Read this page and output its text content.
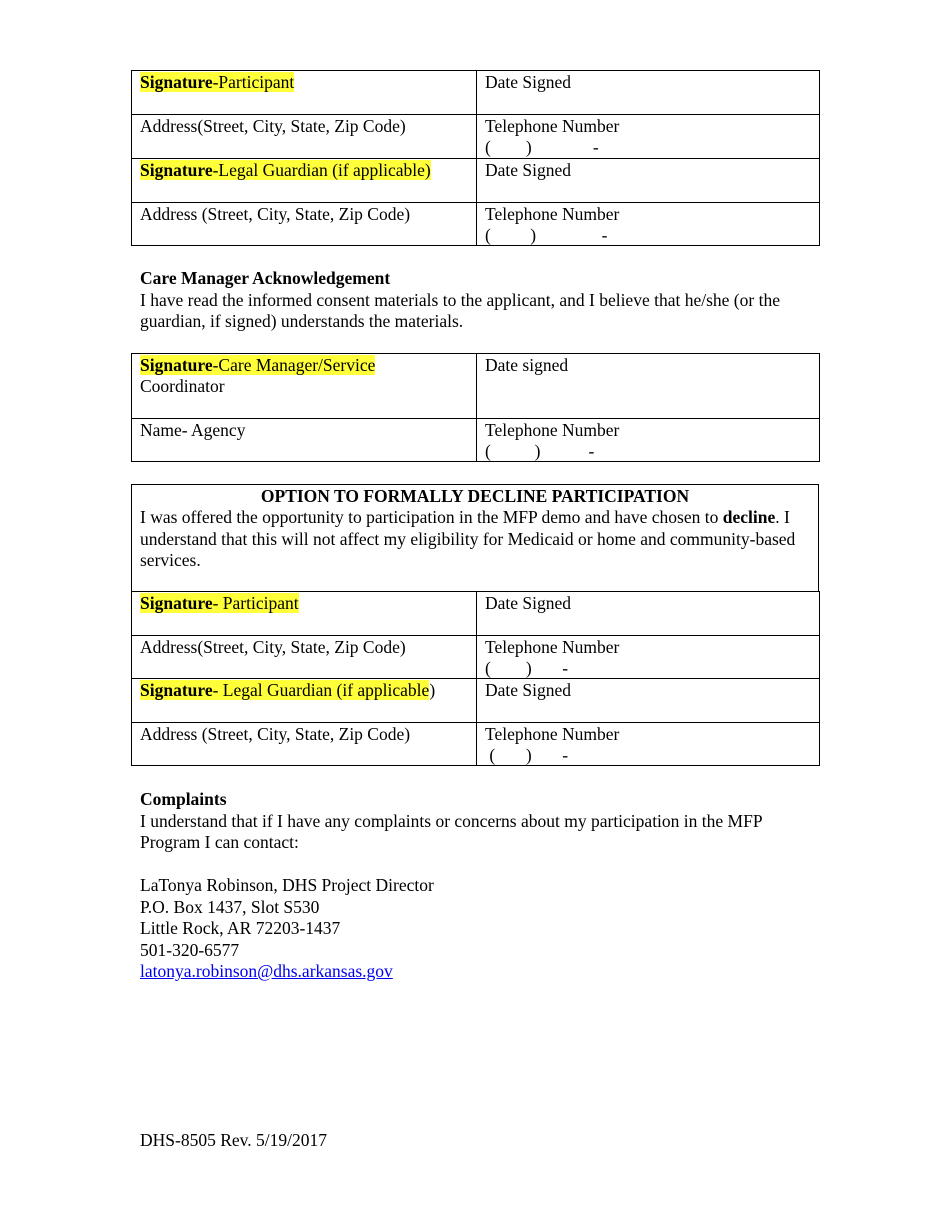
Signature-Participant	Date Signed
Address(Street, City, State, Zip Code)	Telephone Number
(        )              -

Signature-Legal Guardian (if applicable)	Date Signed
Address (Street, City, State, Zip Code)	Telephone Number
(         )               -
Care Manager Acknowledgement
I have read the informed consent materials to the applicant, and I believe that he/she (or the guardian, if signed) understands the materials.
Signature-Care Manager/Service
Coordinator	Date signed
Name- Agency	Telephone Number
(          )           -
OPTION TO FORMALLY DECLINE PARTICIPATION
I was offered the opportunity to participation in the MFP demo and have chosen to decline. I understand that this will not affect my eligibility for Medicaid or home and community-based services.
Signature- Participant	Date Signed
Address(Street, City, State, Zip Code)	Telephone Number
(        )       -

Signature- Legal Guardian (if applicable)	Date Signed
Address (Street, City, State, Zip Code)	Telephone Number
(       )       -
Complaints
I understand that if I have any complaints or concerns about my participation in the MFP Program I can contact:
LaTonya Robinson, DHS Project Director
P.O. Box 1437, Slot S530
Little Rock, AR 72203-1437
501-320-6577
latonya.robinson@dhs.arkansas.gov
DHS-8505 Rev. 5/19/2017
